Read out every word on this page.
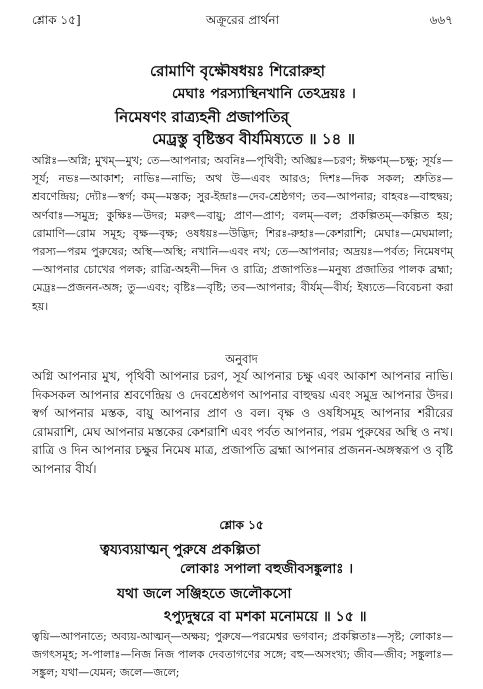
শ্লোক ১৫]	অক্রূরের প্রার্থনা	৬৬৭
রোমাণি বৃক্ষৌষধয়ঃ শিরোরুহা
মেঘাঃ পরস্যাস্থিনখানি তেঽদ্রয়ঃ ।
নিমেষণং রাত্র্যহনী প্রজাপতির্
মেঢ্রস্তু বৃষ্টিস্তব বীর্যমিষ্যতে ॥ ১৪ ॥
অগ্নিঃ—অগ্নি; মুখম্—মুখ; তে—আপনার; অবনিঃ—পৃথিবী; অঙ্ঘ্রিঃ—চরণ; ঈক্ষণম্—চক্ষু; সূর্যঃ—সূর্য; নভঃ—আকাশ; নাভিঃ—নাভি; অথ উ—এবং আরও; দিশঃ—দিক সকল; শ্রুতিঃ—শ্রবণেন্দ্রিয়; দ্যৌঃ—স্বর্গ; কম্—মস্তক; সুর-ইন্দ্রাঃ—দেব-শ্রেষ্ঠগণ; তব—আপনার; বাহবঃ—বাহুদ্বয়; অর্ণবাঃ—সমুদ্র; কুক্ষিঃ—উদর; মরুৎ—বায়ু; প্রাণ—প্রাণ; বলম্—বল; প্রকল্পিতম্—কল্পিত হয়; রোমাণি—রোম সমূহ; বৃক্ষ—বৃক্ষ; ওষধয়ঃ—উদ্ভিদ; শিরঃ-রুহাঃ—কেশরাশি; মেঘাঃ—মেঘমালা; পরস্য—পরম পুরুষের; অস্থি—অস্থি; নখানি—এবং নখ; তে—আপনার; অদ্রয়ঃ—পর্বত; নিমেষণম্—আপনার চোখের পলক; রাত্রি-অহনী—দিন ও রাত্রি; প্রজাপতিঃ—মনুষ্য প্রজাতির পালক ব্রহ্মা; মেঢ্রঃ—প্রজনন-অঙ্গ; তু—এবং; বৃষ্টিঃ—বৃষ্টি; তব—আপনার; বীর্যম্—বীর্য; ইষ্যতে—বিবেচনা করা হয়।
অনুবাদ
অগ্নি আপনার মুখ, পৃথিবী আপনার চরণ, সূর্য আপনার চক্ষু এবং আকাশ আপনার নাভি। দিকসকল আপনার শ্রবণেন্দ্রিয় ও দেবশ্রেষ্ঠগণ আপনার বাহুদ্বয় এবং সমুদ্র আপনার উদর। স্বর্গ আপনার মস্তক, বায়ু আপনার প্রাণ ও বল। বৃক্ষ ও ওষধিসমূহ আপনার শরীরের রোমরাশি, মেঘ আপনার মস্তকের কেশরাশি এবং পর্বত আপনার, পরম পুরুষের অস্থি ও নখ। রাত্রি ও দিন আপনার চক্ষুর নিমেষ মাত্র, প্রজাপতি ব্রহ্মা আপনার প্রজনন-অঙ্গস্বরূপ ও বৃষ্টি আপনার বীর্য।
শ্লোক ১৫
ত্বয্যব্যয়াত্মন্ পুরুষে প্রকল্পিতা
লোকাঃ সপালা বহুজীবসঙ্কুলাঃ ।
যথা জলে সঞ্জিহতে জলৌকসো
ঽপ্যুদুম্বরে বা মশকা মনোময়ে ॥ ১৫ ॥
ত্বয়ি—আপনাতে; অব্যয়-আত্মন্—অক্ষয়; পুরুষে—পরমেশ্বর ভগবান; প্রকল্পিতাঃ—সৃষ্ট; লোকাঃ—জগৎসমূহ; স-পালাঃ—নিজ নিজ পালক দেবতাগণের সঙ্গে; বহু—অসংখ্য; জীব—জীব; সঙ্কুলাঃ—সঙ্কুল; যথা—যেমন; জলে—জলে;
